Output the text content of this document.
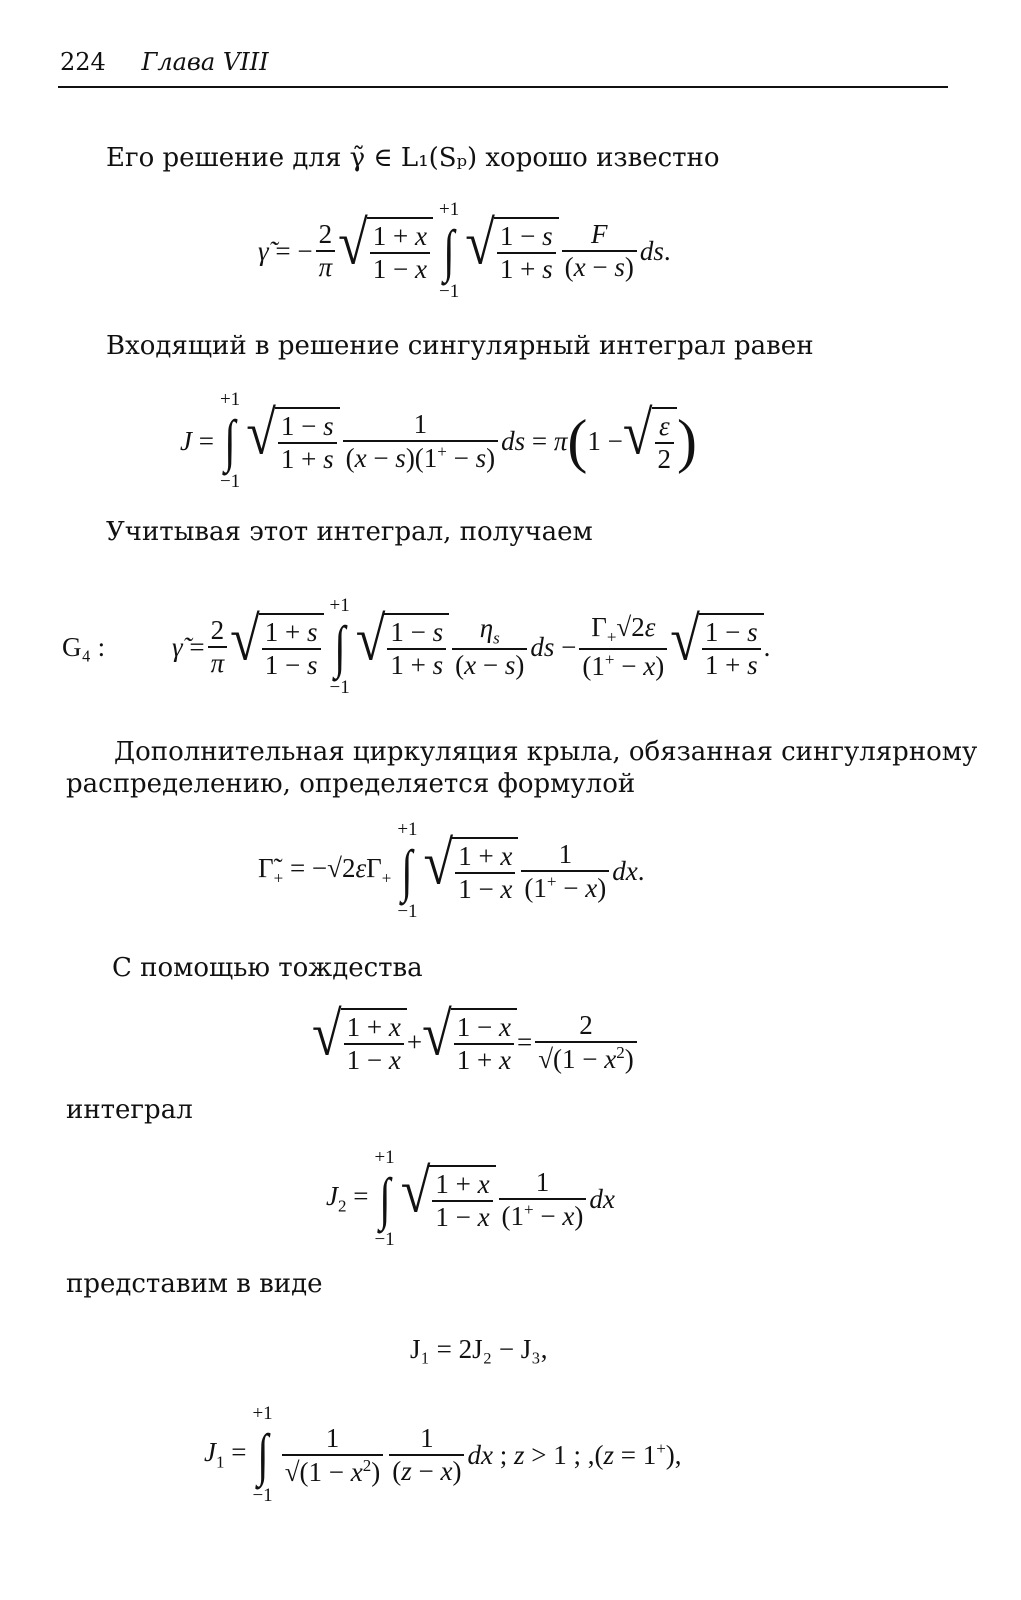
224 Глава VIII
Его решение для γ̃ ∈ L₁(Sₚ) хорошо известно
γ̃ = − $\frac{2}{\pi}$ √ $\frac{1 + x}{1 - x}$
+1
∫
−1
√ $\frac{1 - s}{1 + s} \frac{F}{(x - s)}$ ds.
Входящий в решение сингулярный интеграл равен
J =
+1
∫
−1
√ $\frac{1 - s}{1 + s} \frac{1}{(x - s)(1^+ - s)}$ ds = π ( 1 − √ $\frac{\varepsilon}{2}$ )
Учитывая этот интеграл, получаем
G₄ :	γ̃ = $\frac{2}{\pi}$ √ $\frac{1 + s}{1 - s}$
+1
∫
−1
√ $\frac{1 - s}{1 + s} \frac{\eta_s}{(x - s)}$ ds − $\frac{\Gamma_+√2\varepsilon}{(1^+ - x)}$ √ $\frac{1 - s}{1 + s}$ .
Дополнительная циркуляция крыла, обязанная сингулярному
распределению, определяется формулой
$\Gammã_+ = -√2\varepsilon\Gamma_+$
+1
∫
−1
√ $\frac{1 + x}{1 - x} \frac{1}{(1^+ - x)}$ dx.
С помощью тождества
√ $\frac{1 + x}{1 - x}$ + √ $\frac{1 - x}{1 + x} = \frac{2}{√(1 - x^2)}$
интеграл
$J_2$ =
+1
∫
−1
√ $\frac{1 + x}{1 - x} \frac{1}{(1^+ - x)}$ dx
представим в виде
J₁ = 2J₂ − J₃,
$J_1$ =
+1
∫
−1
$\frac{1}{√(1 - x^2)} \frac{1}{(z - x)}$ dx ; z > 1 ; ,(z = 1+),
